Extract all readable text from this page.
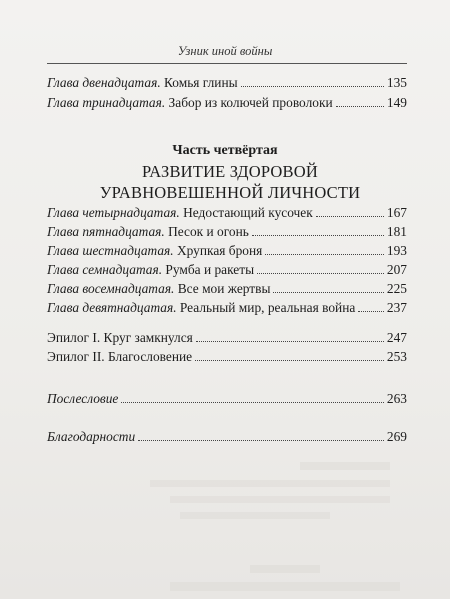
Узник иной войны
Глава двенадцатая. Комья глины	135
Глава тринадцатая. Забор из колючей проволоки	149
Часть четвёртая
РАЗВИТИЕ ЗДОРОВОЙ УРАВНОВЕШЕННОЙ ЛИЧНОСТИ
Глава четырнадцатая. Недостающий кусочек	167
Глава пятнадцатая. Песок и огонь	181
Глава шестнадцатая. Хрупкая броня	193
Глава семнадцатая. Румба и ракеты	207
Глава восемнадцатая. Все мои жертвы	225
Глава девятнадцатая. Реальный мир, реальная война 237
Эпилог I. Круг замкнулся	247
Эпилог II. Благословение	253
Послесловие	263
Благодарности	269
